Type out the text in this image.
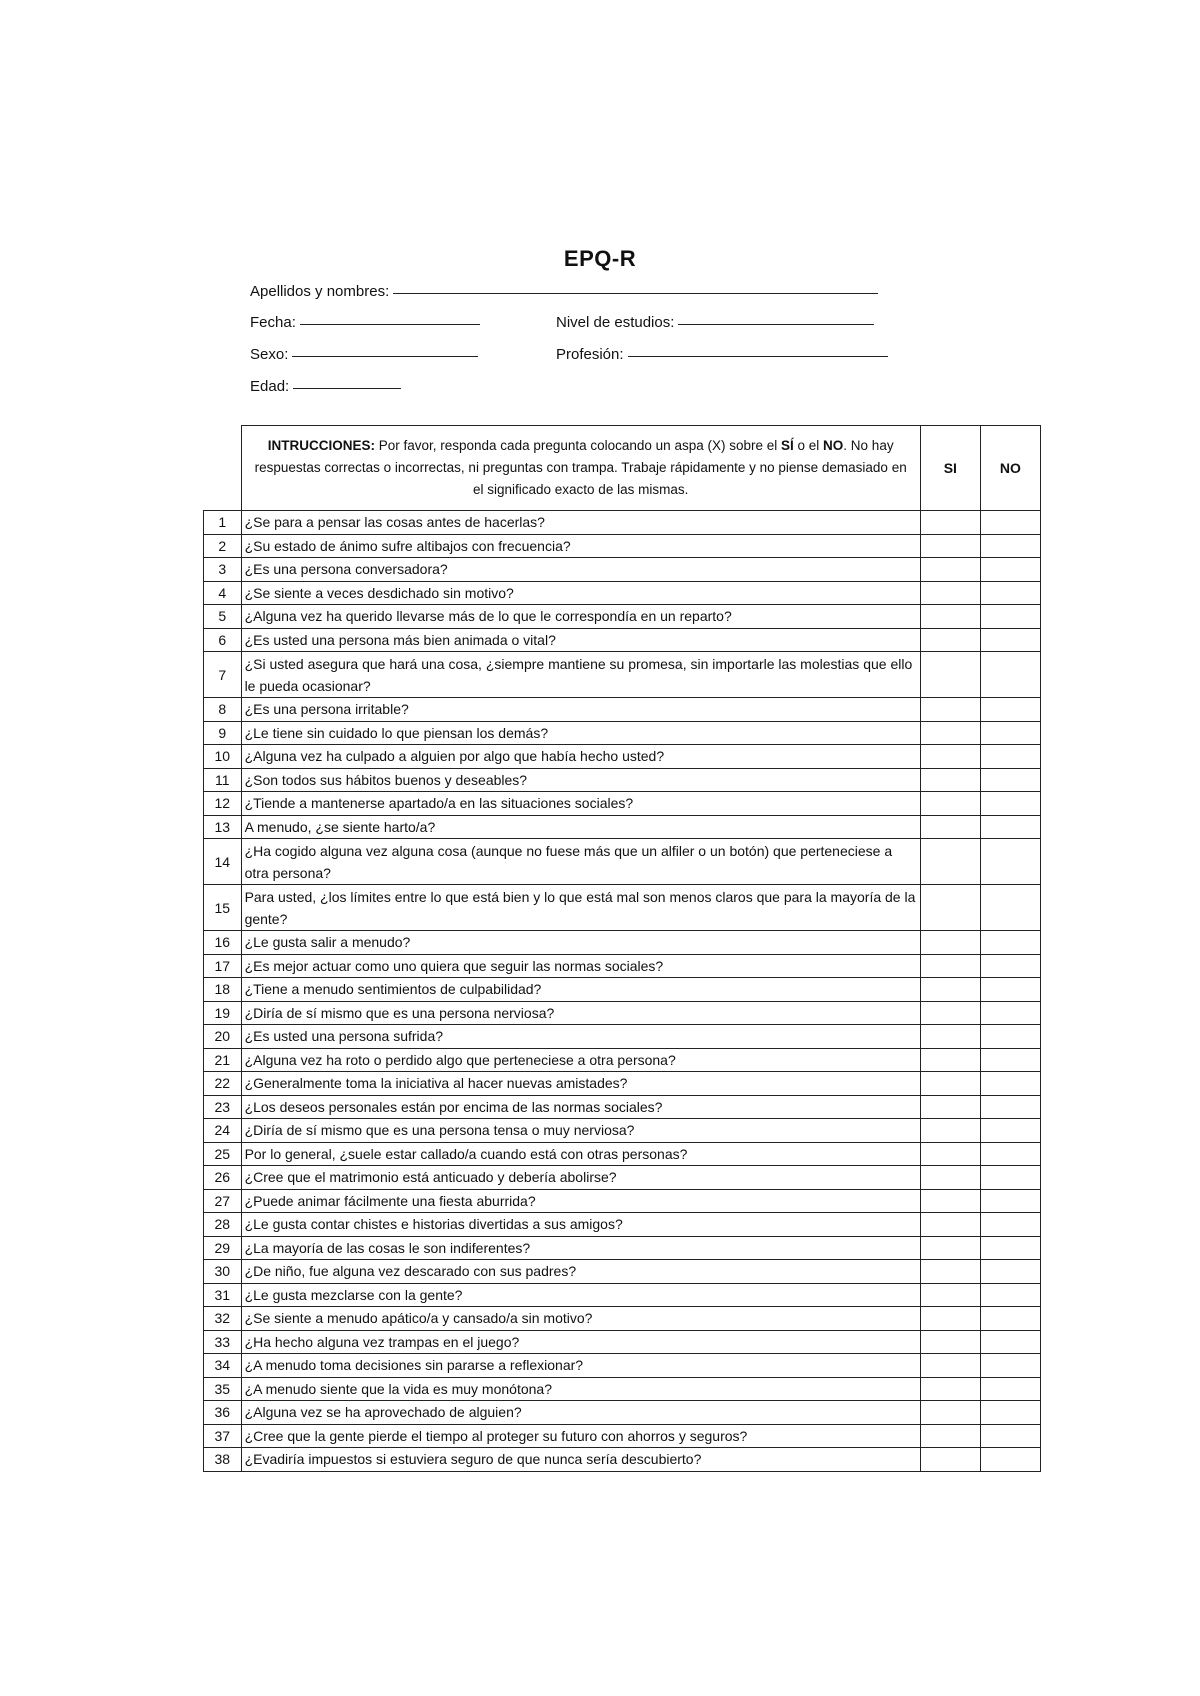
EPQ-R
Apellidos y nombres:
Fecha:	Nivel de estudios:
Sexo:	Profesión:
Edad:
	INTRUCCIONES: Por favor, responda cada pregunta colocando un aspa (X) sobre el SÍ o el NO. No hay respuestas correctas o incorrectas, ni preguntas con trampa. Trabaje rápidamente y no piense demasiado en el significado exacto de las mismas.	SI	NO
1	¿Se para a pensar las cosas antes de hacerlas?		
2	¿Su estado de ánimo sufre altibajos con frecuencia?		
3	¿Es una persona conversadora?		
4	¿Se siente a veces desdichado sin motivo?		
5	¿Alguna vez ha querido llevarse más de lo que le correspondía en un reparto?		
6	¿Es usted una persona más bien animada o vital?		
7	¿Si usted asegura que hará una cosa, ¿siempre mantiene su promesa, sin importarle las molestias que ello le pueda ocasionar?		
8	¿Es una persona irritable?		
9	¿Le tiene sin cuidado lo que piensan los demás?		
10	¿Alguna vez ha culpado a alguien por algo que había hecho usted?		
11	¿Son todos sus hábitos buenos y deseables?		
12	¿Tiende a mantenerse apartado/a en las situaciones sociales?		
13	A menudo, ¿se siente harto/a?		
14	¿Ha cogido alguna vez alguna cosa (aunque no fuese más que un alfiler o un botón) que perteneciese a otra persona?		
15	Para usted, ¿los límites entre lo que está bien y lo que está mal son menos claros que para la mayoría de la gente?		
16	¿Le gusta salir a menudo?		
17	¿Es mejor actuar como uno quiera que seguir las normas sociales?		
18	¿Tiene a menudo sentimientos de culpabilidad?		
19	¿Diría de sí mismo que es una persona nerviosa?		
20	¿Es usted una persona sufrida?		
21	¿Alguna vez ha roto o perdido algo que perteneciese a otra persona?		
22	¿Generalmente toma la iniciativa al hacer nuevas amistades?		
23	¿Los deseos personales están por encima de las normas sociales?		
24	¿Diría de sí mismo que es una persona tensa o muy nerviosa?		
25	Por lo general, ¿suele estar callado/a cuando está con otras personas?		
26	¿Cree que el matrimonio está anticuado y debería abolirse?		
27	¿Puede animar fácilmente una fiesta aburrida?		
28	¿Le gusta contar chistes e historias divertidas a sus amigos?		
29	¿La mayoría de las cosas le son indiferentes?		
30	¿De niño, fue alguna vez descarado con sus padres?		
31	¿Le gusta mezclarse con la gente?		
32	¿Se siente a menudo apático/a y cansado/a sin motivo?		
33	¿Ha hecho alguna vez trampas en el juego?		
34	¿A menudo toma decisiones sin pararse a reflexionar?		
35	¿A menudo siente que la vida es muy monótona?		
36	¿Alguna vez se ha aprovechado de alguien?		
37	¿Cree que la gente pierde el tiempo al proteger su futuro con ahorros y seguros?		
38	¿Evadiría impuestos si estuviera seguro de que nunca sería descubierto?		
